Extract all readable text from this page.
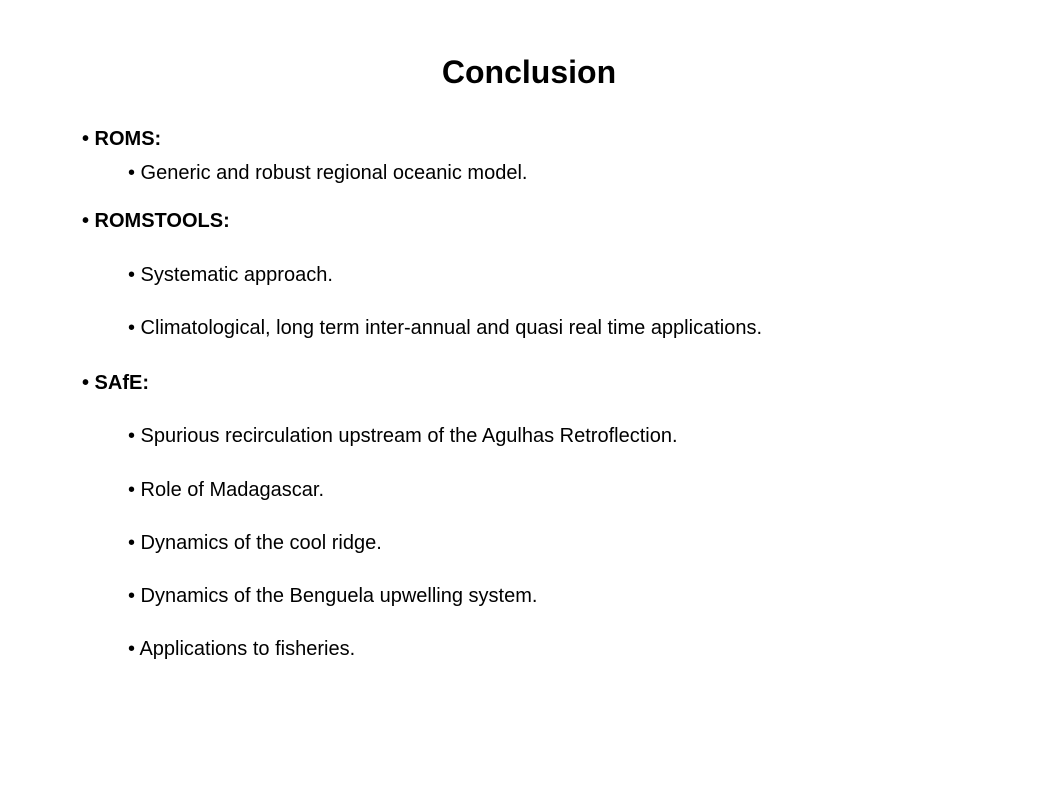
Conclusion
• ROMS:
• Generic and robust regional oceanic model.
• ROMSTOOLS:
• Systematic approach.
• Climatological, long term inter-annual and quasi real time applications.
• SAfE:
• Spurious recirculation upstream of the Agulhas Retroflection.
• Role of Madagascar.
• Dynamics of the cool ridge.
• Dynamics of the Benguela upwelling system.
• Applications to fisheries.
